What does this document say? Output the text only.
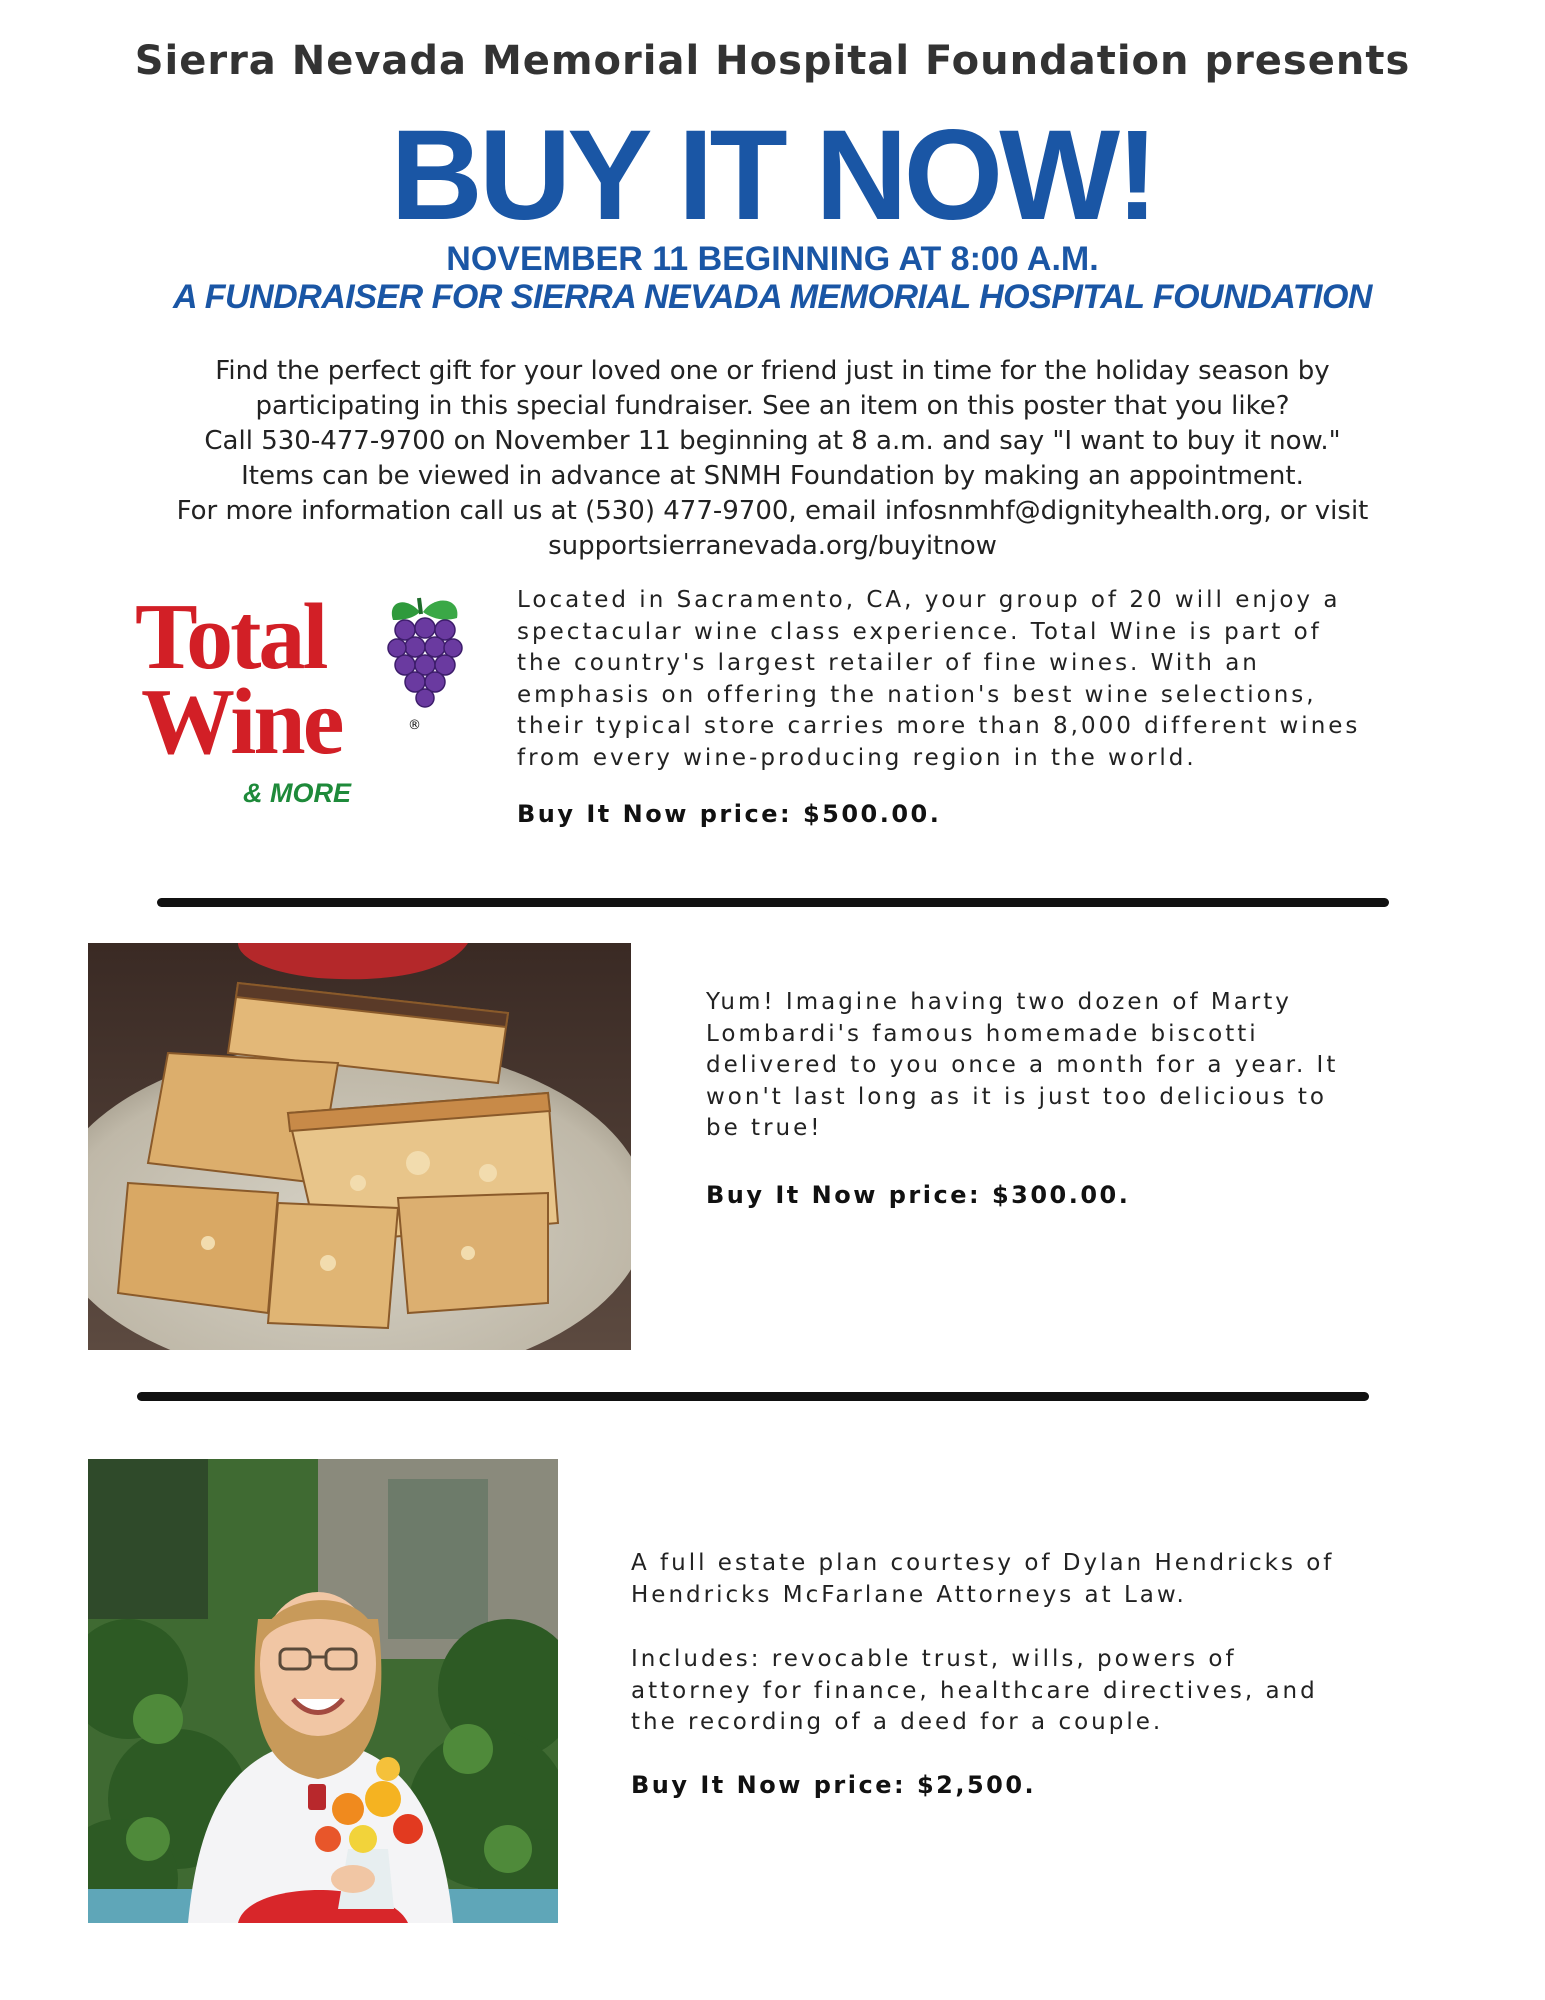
Sierra Nevada Memorial Hospital Foundation presents
BUY IT NOW!
NOVEMBER 11 BEGINNING AT 8:00 A.M.
A FUNDRAISER FOR SIERRA NEVADA MEMORIAL HOSPITAL FOUNDATION
Find the perfect gift for your loved one or friend just in time for the holiday season by
participating in this special fundraiser. See an item on this poster that you like?
Call 530-477-9700 on November 11 beginning at 8 a.m. and say "I want to buy it now."
Items can be viewed in advance at SNMH Foundation by making an appointment.
For more information call us at (530) 477-9700, email infosnmhf@dignityhealth.org, or visit
supportsierranevada.org/buyitnow
Total
Wine	®
& MORE
Located in Sacramento, CA, your group of 20 will enjoy a
spectacular wine class experience. Total Wine is part of
the country's largest retailer of fine wines. With an
emphasis on offering the nation's best wine selections,
their typical store carries more than 8,000 different wines
from every wine-producing region in the world.
Buy It Now price: $500.00.
Yum! Imagine having two dozen of Marty
Lombardi's famous homemade biscotti
delivered to you once a month for a year. It
won't last long as it is just too delicious to
be true!
Buy It Now price: $300.00.
A full estate plan courtesy of Dylan Hendricks of
Hendricks McFarlane Attorneys at Law.
Includes: revocable trust, wills, powers of
attorney for finance, healthcare directives, and
the recording of a deed for a couple.
Buy It Now price: $2,500.
